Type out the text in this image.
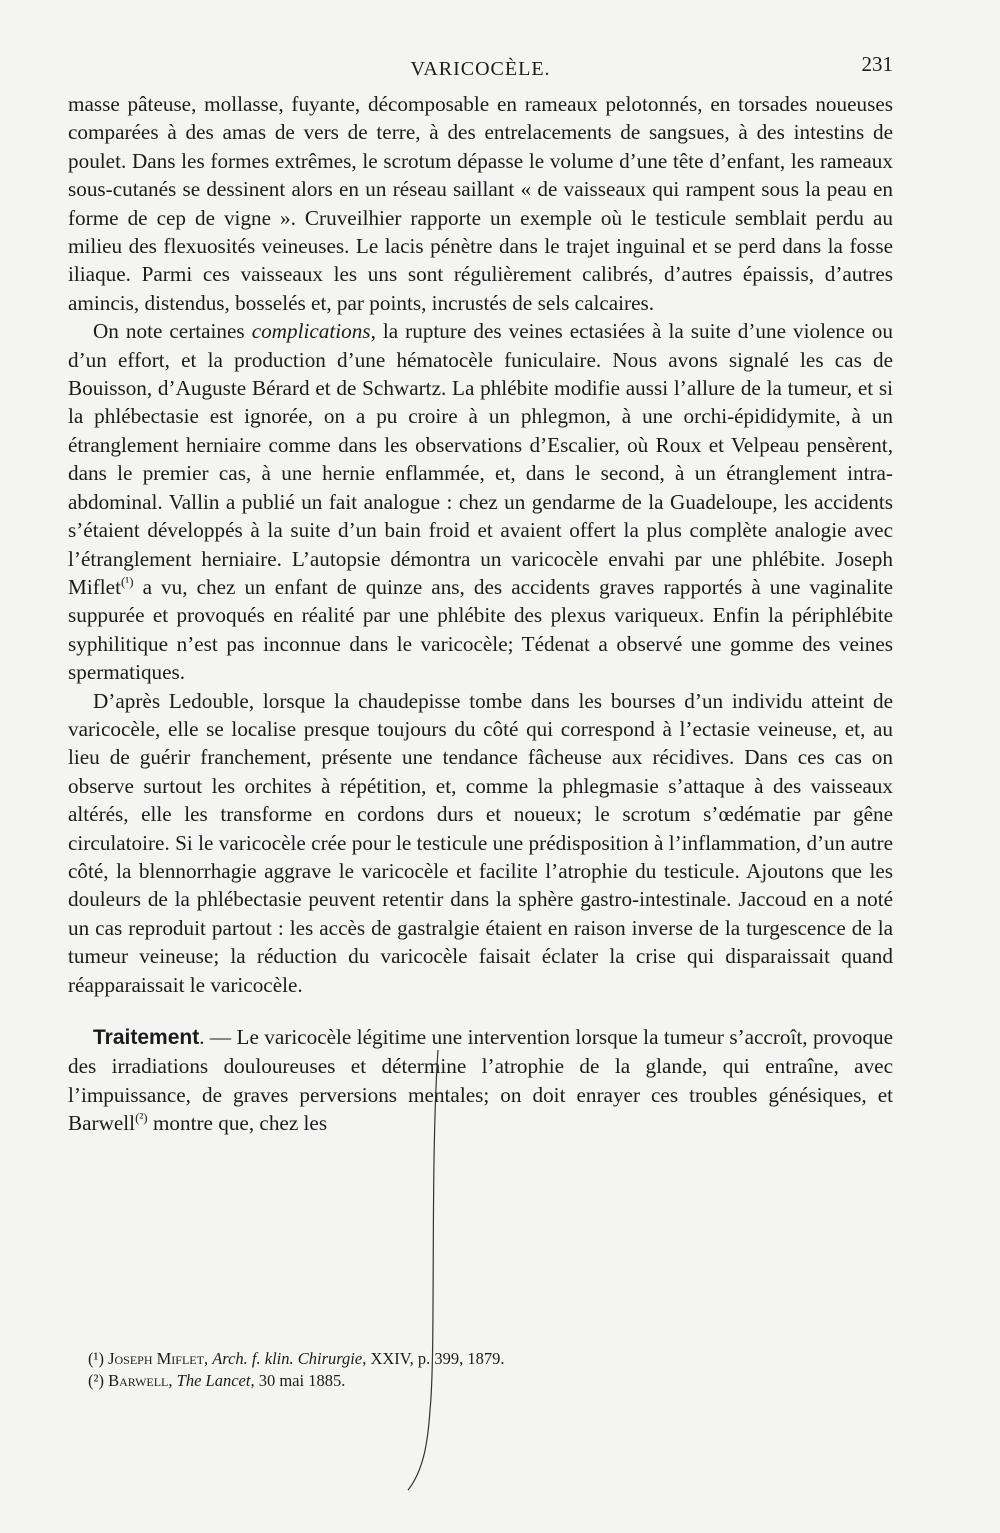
VARICOCÈLE.	231

masse pâteuse, mollasse, fuyante, décomposable en rameaux pelotonnés, en torsades noueuses comparées à des amas de vers de terre, à des entrelacements de sangsues, à des intestins de poulet. Dans les formes extrêmes, le scrotum dépasse le volume d’une tête d’enfant, les rameaux sous-cutanés se dessinent alors en un réseau saillant « de vaisseaux qui rampent sous la peau en forme de cep de vigne ». Cruveilhier rapporte un exemple où le testicule semblait perdu au milieu des flexuosités veineuses. Le lacis pénètre dans le trajet inguinal et se perd dans la fosse iliaque. Parmi ces vaisseaux les uns sont régulièrement calibrés, d’autres épaissis, d’autres amincis, distendus, bosselés et, par points, incrustés de sels calcaires.

On note certaines complications, la rupture des veines ectasiées à la suite d’une violence ou d’un effort, et la production d’une hématocèle funiculaire. Nous avons signalé les cas de Bouisson, d’Auguste Bérard et de Schwartz. La phlébite modifie aussi l’allure de la tumeur, et si la phlébectasie est ignorée, on a pu croire à un phlegmon, à une orchi-épididymite, à un étranglement herniaire comme dans les observations d’Escalier, où Roux et Velpeau pensèrent, dans le premier cas, à une hernie enflammée, et, dans le second, à un étranglement intra-abdominal. Vallin a publié un fait analogue : chez un gendarme de la Guadeloupe, les accidents s’étaient développés à la suite d’un bain froid et avaient offert la plus complète analogie avec l’étranglement herniaire. L’autopsie démontra un varicocèle envahi par une phlébite. Joseph Miflet$^{(^1)}$ a vu, chez un enfant de quinze ans, des accidents graves rapportés à une vaginalite suppurée et provoqués en réalité par une phlébite des plexus variqueux. Enfin la périphlébite syphilitique n’est pas inconnue dans le varicocèle; Tédenat a observé une gomme des veines spermatiques.

D’après Ledouble, lorsque la chaudepisse tombe dans les bourses d’un individu atteint de varicocèle, elle se localise presque toujours du côté qui correspond à l’ectasie veineuse, et, au lieu de guérir franchement, présente une tendance fâcheuse aux récidives. Dans ces cas on observe surtout les orchites à répétition, et, comme la phlegmasie s’attaque à des vaisseaux altérés, elle les transforme en cordons durs et noueux; le scrotum s’œdématie par gêne circulatoire. Si le varicocèle crée pour le testicule une prédisposition à l’inflammation, d’un autre côté, la blennorrhagie aggrave le varicocèle et facilite l’atrophie du testicule. Ajoutons que les douleurs de la phlébectasie peuvent retentir dans la sphère gastro-intestinale. Jaccoud en a noté un cas reproduit partout : les accès de gastralgie étaient en raison inverse de la turgescence de la tumeur veineuse; la réduction du varicocèle faisait éclater la crise qui disparaissait quand réapparaissait le varicocèle.

Traitement. — Le varicocèle légitime une intervention lorsque la tumeur s’accroît, provoque des irradiations douloureuses et détermine l’atrophie de la glande, qui entraîne, avec l’impuissance, de graves perversions mentales; on doit enrayer ces troubles génésiques, et Barwell$^{(^2)}$ montre que, chez les

(¹) Joseph Miflet, Arch. f. klin. Chirurgie, XXIV, p. 399, 1879.
(²) Barwell, The Lancet, 30 mai 1885.
